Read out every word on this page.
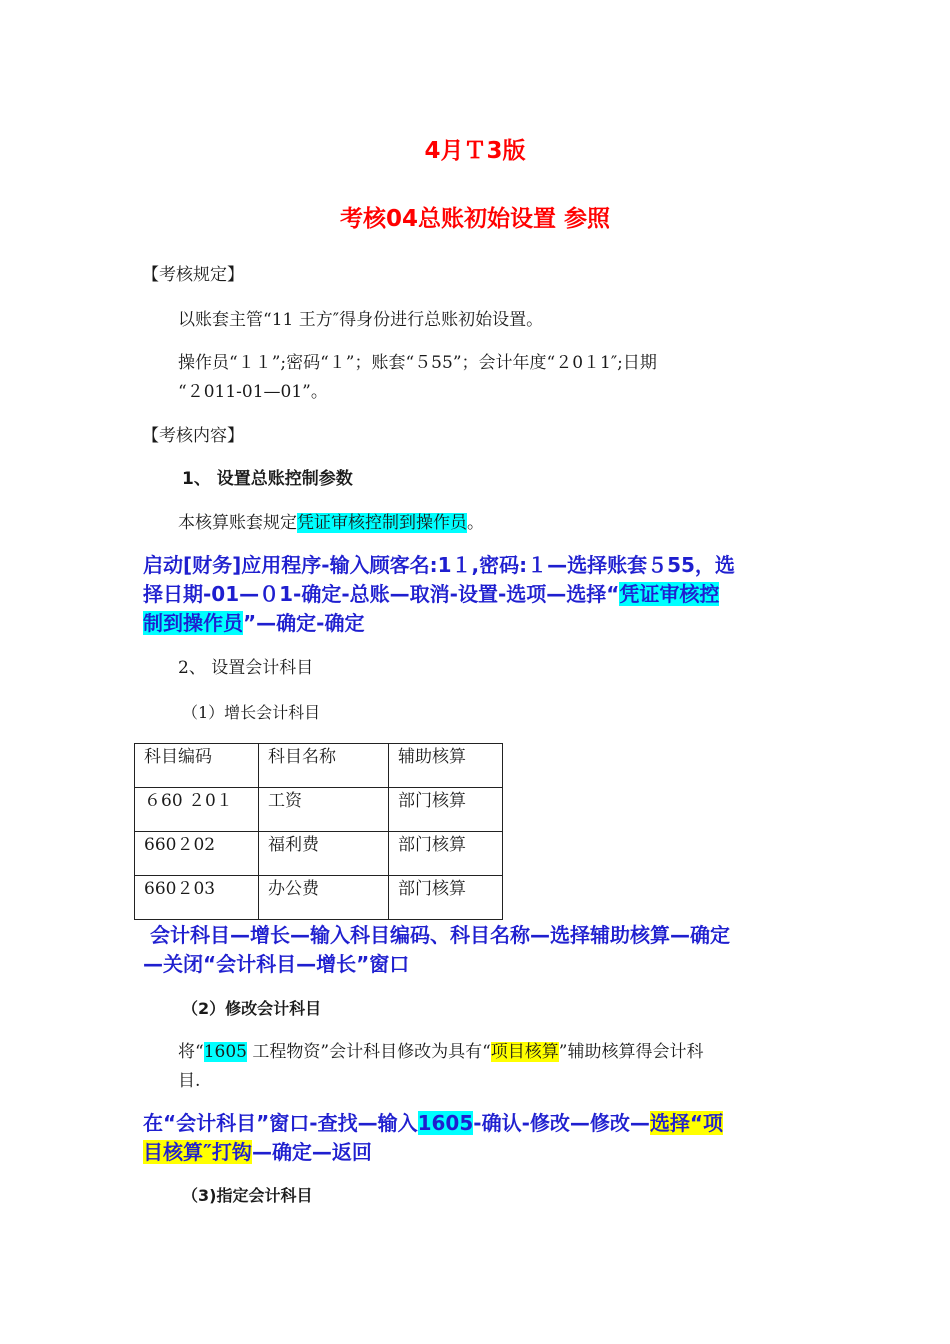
4月Ｔ3版
考核04总账初始设置 参照
【考核规定】
以账套主管“11 王方″得身份进行总账初始设置。
操作员“１１”;密码“１”；账套“５55”；会计年度“２0１1″;日期
“２011-01—01”。
【考核内容】
1、 设置总账控制参数
本核算账套规定凭证审核控制到操作员。
启动[财务]应用程序-输入顾客名:1１,密码:１—选择账套５55，选
择日期-01—０1-确定-总账—取消-设置-选项—选择“凭证审核控
制到操作员”—确定-确定
2、 设置会计科目
（1）增长会计科目
科目编码	科目名称	辅助核算
６60 ２0１	工资	部门核算
660２02	福利费	部门核算
660２03	办公费	部门核算
会计科目—增长—输入科目编码、科目名称—选择辅助核算—确定
—关闭“会计科目—增长”窗口
（2）修改会计科目
将“1605 工程物资”会计科目修改为具有“项目核算”辅助核算得会计科
目.
在“会计科目”窗口-查找—输入1605-确认-修改—修改—选择“项
目核算″打钩—确定—返回
（3)指定会计科目
